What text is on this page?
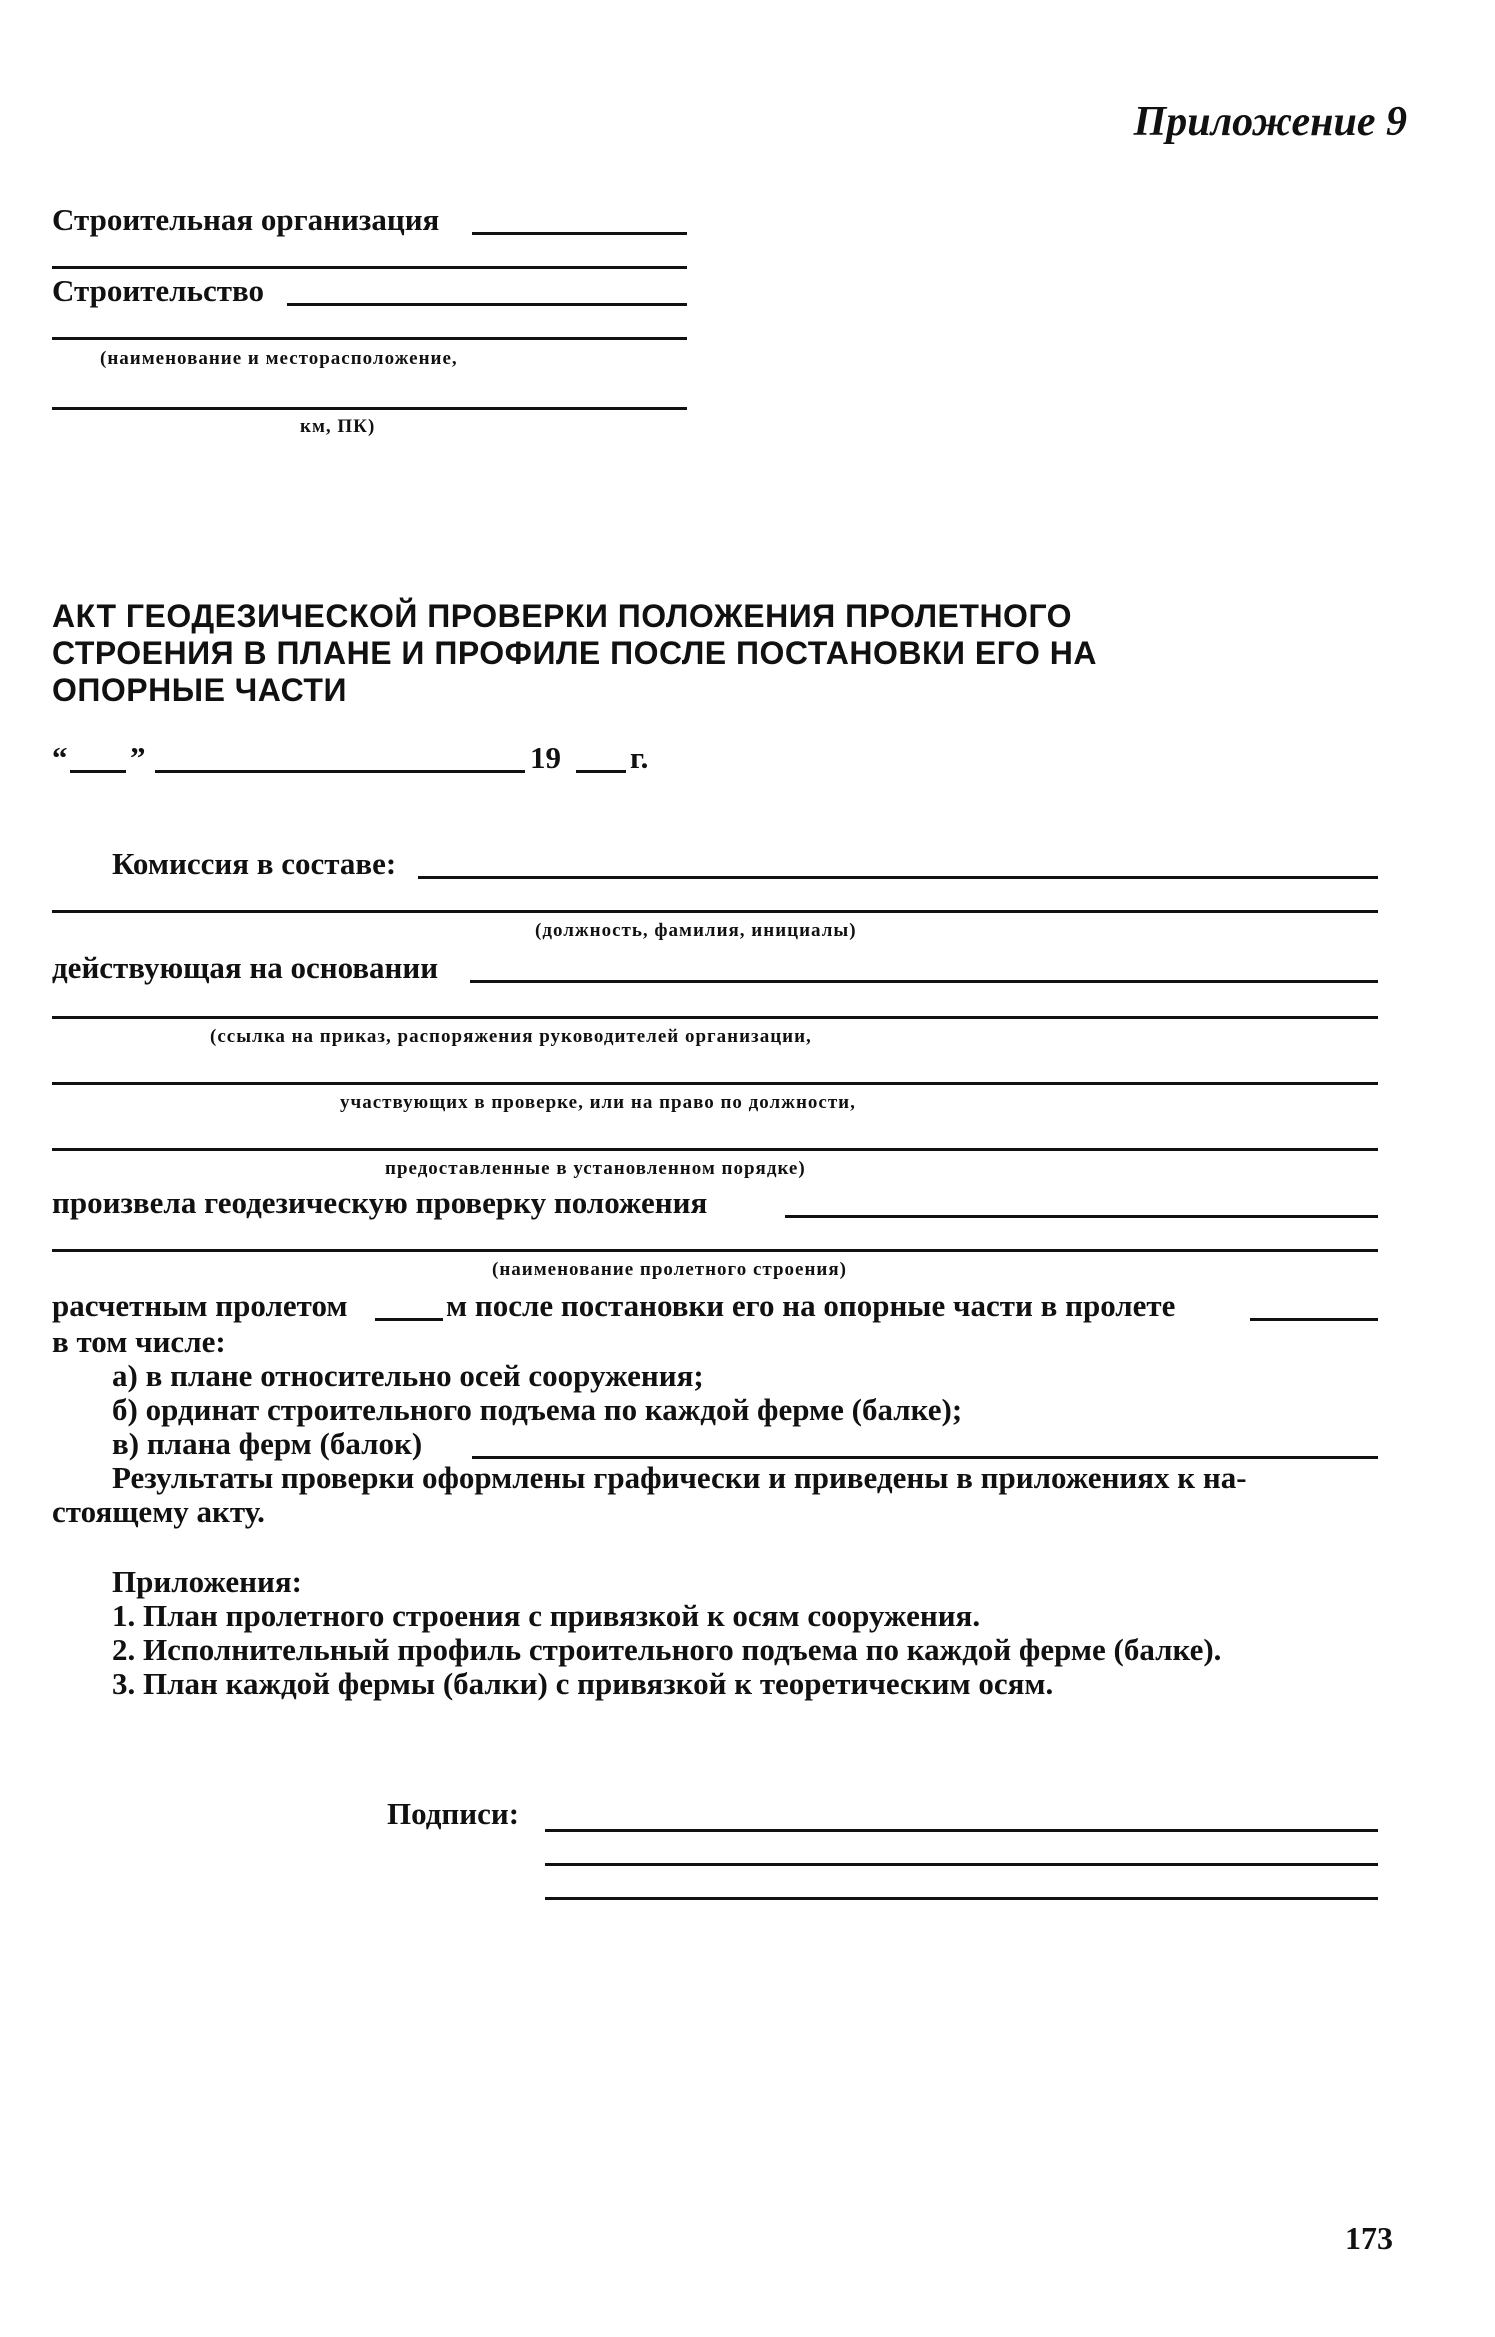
Приложение 9
Строительная организация
Строительство
(наименование и месторасположение,
км, ПК)
АКТ ГЕОДЕЗИЧЕСКОЙ ПРОВЕРКИ ПОЛОЖЕНИЯ ПРОЛЕТНОГО СТРОЕНИЯ В ПЛАНЕ И ПРОФИЛЕ ПОСЛЕ ПОСТАНОВКИ ЕГО НА ОПОРНЫЕ ЧАСТИ
“ ”	19 г.
Комиссия в составе:
(должность, фамилия, инициалы)
действующая на основании
(ссылка на приказ, распоряжения руководителей организации,
участвующих в проверке, или на право по должности,
предоставленные в установленном порядке)
произвела геодезическую проверку положения
(наименование пролетного строения)
расчетным пролетом	м после постановки его на опорные части в пролете
в том числе:
а) в плане относительно осей сооружения;
б) ординат строительного подъема по каждой ферме (балке);
в) плана ферм (балок)
Результаты проверки оформлены графически и приведены в приложениях к на-
стоящему акту.
Приложения:
1. План пролетного строения с привязкой к осям сооружения.
2. Исполнительный профиль строительного подъема по каждой ферме (балке).
3. План каждой фермы (балки) с привязкой к теоретическим осям.
Подписи:
173
